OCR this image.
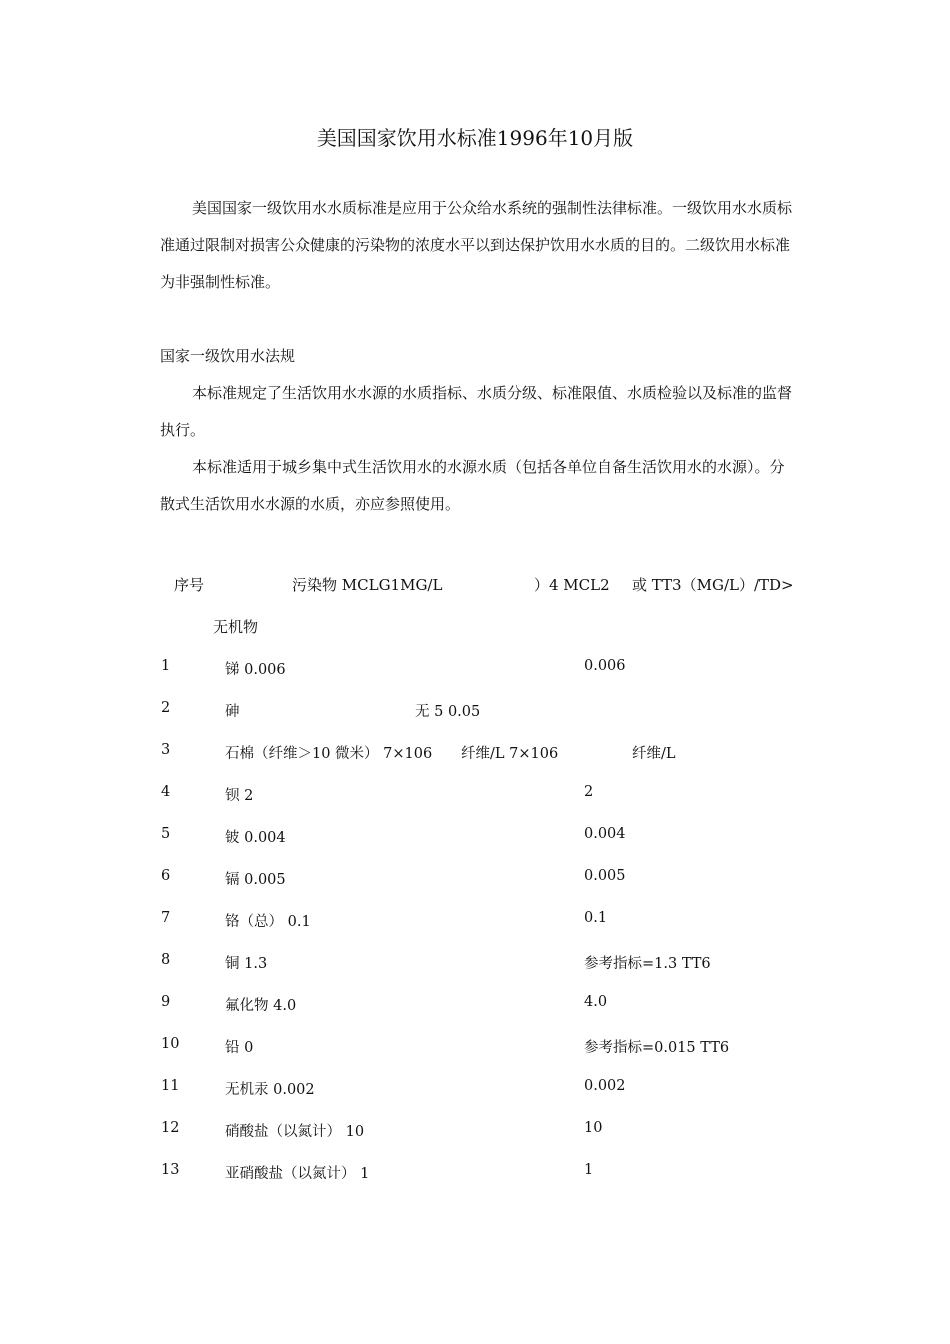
美国国家饮用水标准1996年10月版

美国国家一级饮用水水质标准是应用于公众给水系统的强制性法律标准。一级饮用水水质标准通过限制对损害公众健康的污染物的浓度水平以到达保护饮用水水质的目的。二级饮用水标准为非强制性标准。

国家一级饮用水法规

本标准规定了生活饮用水水源的水质指标、水质分级、标准限值、水质检验以及标准的监督执行。

本标准适用于城乡集中式生活饮用水的水源水质（包括各单位自备生活饮用水的水源）。分散式生活饮用水水源的水质，亦应参照使用。

序号	污染物 MCLG1MG/L	）4 MCL2 或 TT3（MG/L）/TD>
无机物
1	锑 0.006	0.006
2	砷	无 5 0.05
3	石棉（纤维＞10 微米） 7×106 纤维/L 7×106	纤维/L
4	钡 2	2
5	铍 0.004	0.004
6	镉 0.005	0.005
7	铬（总） 0.1	0.1
8	铜 1.3	参考指标=1.3 TT6
9	氟化物 4.0	4.0
10	铅 0	参考指标=0.015 TT6
11	无机汞 0.002	0.002
12	硝酸盐（以氮计） 10	10
13	亚硝酸盐（以氮计） 1	1
